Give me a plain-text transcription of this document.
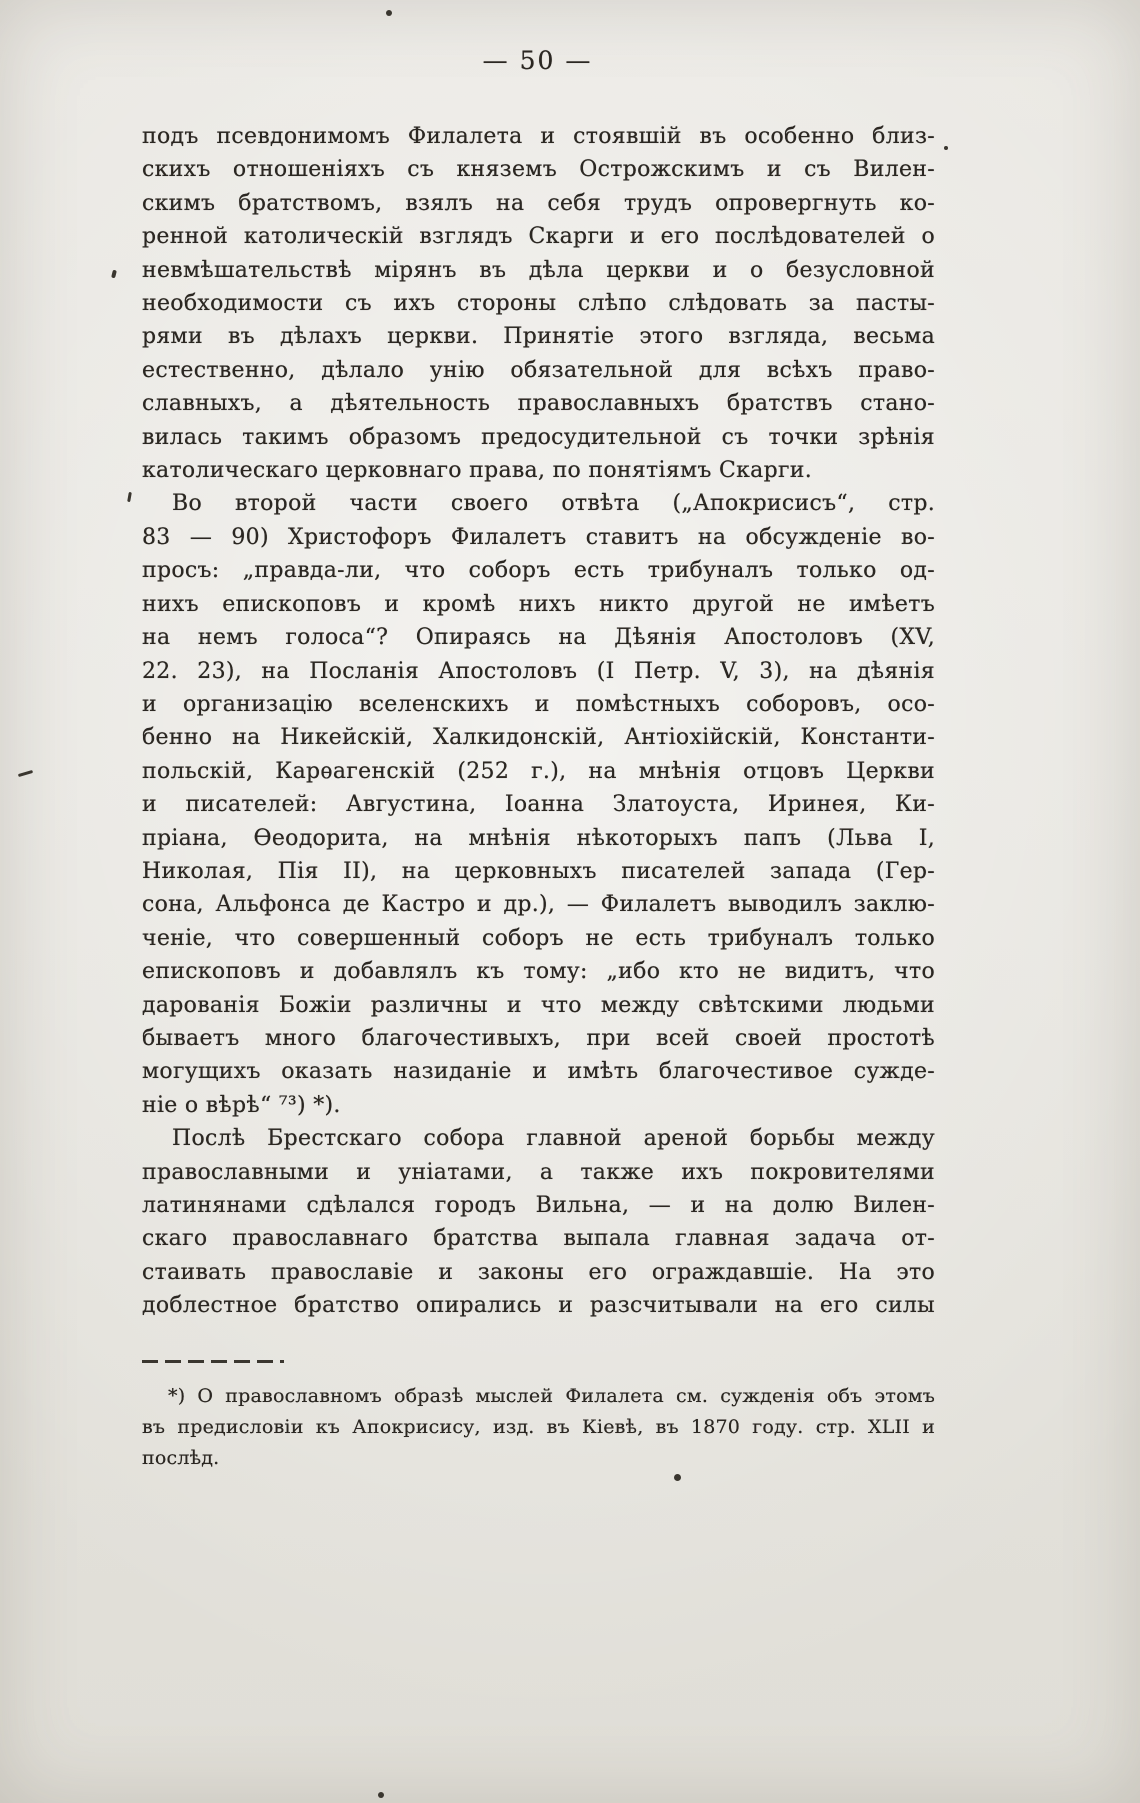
— 50 —
подъ псевдонимомъ Филалета и стоявшій въ особенно близ-
скихъ отношеніяхъ съ княземъ Острожскимъ и съ Вилен-
скимъ братствомъ, взялъ на себя трудъ опровергнуть ко-
ренной католическій взглядъ Скарги и его послѣдователей о
невмѣшательствѣ мірянъ въ дѣла церкви и о безусловной
необходимости съ ихъ стороны слѣпо слѣдовать за пасты-
рями въ дѣлахъ церкви. Принятіе этого взгляда, весьма
естественно, дѣлало унію обязательной для всѣхъ право-
славныхъ, а дѣятельность православныхъ братствъ стано-
вилась такимъ образомъ предосудительной съ точки зрѣнія
католическаго церковнаго права, по понятіямъ Скарги.
Во второй части своего отвѣта („Апокрисисъ“, стр.
83 — 90) Христофоръ Филалетъ ставитъ на обсужденіе во-
просъ: „правда-ли, что соборъ есть трибуналъ только од-
нихъ епископовъ и кромѣ нихъ никто другой не имѣетъ
на немъ голоса“? Опираясь на Дѣянія Апостоловъ (XV,
22. 23), на Посланія Апостоловъ (I Петр. V, 3), на дѣянія
и организацію вселенскихъ и помѣстныхъ соборовъ, осо-
бенно на Никейскій, Халкидонскій, Антіохійскій, Константи-
польскій, Карѳагенскій (252 г.), на мнѣнія отцовъ Церкви
и писателей: Августина, Іоанна Златоуста, Иринея, Ки-
пріана, Ѳеодорита, на мнѣнія нѣкоторыхъ папъ (Льва I,
Николая, Пія II), на церковныхъ писателей запада (Гер-
сона, Альфонса де Кастро и др.), — Филалетъ выводилъ заклю-
ченіе, что совершенный соборъ не есть трибуналъ только
епископовъ и добавлялъ къ тому: „ибо кто не видитъ, что
дарованія Божіи различны и что между свѣтскими людьми
бываетъ много благочестивыхъ, при всей своей простотѣ
могущихъ оказать назиданіе и имѣть благочестивое сужде-
ніе о вѣрѣ“ ⁷³) *).
Послѣ Брестскаго собора главной ареной борьбы между
православными и уніатами, а также ихъ покровителями
латинянами сдѣлался городъ Вильна, — и на долю Вилен-
скаго православнаго братства выпала главная задача от-
стаивать православіе и законы его ограждавшіе. На это
доблестное братство опирались и разсчитывали на его силы
*) О православномъ образѣ мыслей Филалета см. сужденія объ этомъ
въ предисловіи къ Апокрисису, изд. въ Кіевѣ, въ 1870 году. стр. XLII и
послѣд.
